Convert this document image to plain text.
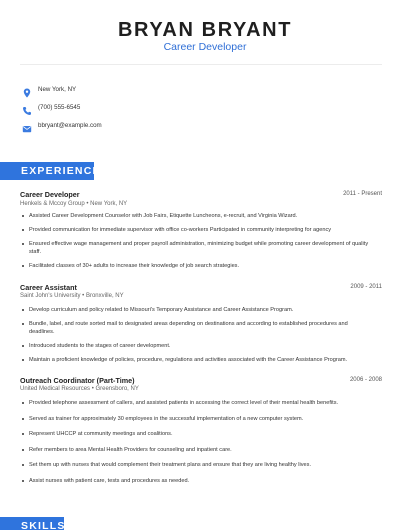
BRYAN BRYANT
Career Developer
New York, NY
(700) 555-6545
bbryant@example.com
EXPERIENCE
Career Developer	2011 - Present
Henkels & Mccoy Group • New York, NY
Assisted Career Development Counselor with Job Fairs, Etiquette Luncheons, e-recruit, and Virginia Wizard.
Provided communication for immediate supervisor with office co-workers Participated in community interpreting for agency
Ensured effective wage management and proper payroll administration, minimizing budget while promoting career development of quality staff.
Facilitated classes of 30+ adults to increase their knowledge of job search strategies.
Career Assistant	2009 - 2011
Saint John's University • Bronxville, NY
Develop curriculum and policy related to Missouri's Temporary Assistance and Career Assistance Program.
Bundle, label, and route sorted mail to designated areas depending on destinations and according to established procedures and deadlines.
Introduced students to the stages of career development.
Maintain a proficient knowledge of policies, procedure, regulations and activities associated with the Career Assistance Program.
Outreach Coordinator (Part-Time)	2006 - 2008
United Medical Resources • Greensboro, NY
Provided telephone assessment of callers, and assisted patients in accessing the correct level of their mental health benefits.
Served as trainer for approximately 30 employees in the successful implementation of a new computer system.
Represent UHCCP at community meetings and coalitions.
Refer members to area Mental Health Providers for counseling and inpatient care.
Set them up with nurses that would complement their treatment plans and ensure that they are living healthy lives.
Assist nurses with patient care, tests and procedures as needed.
SKILLS
